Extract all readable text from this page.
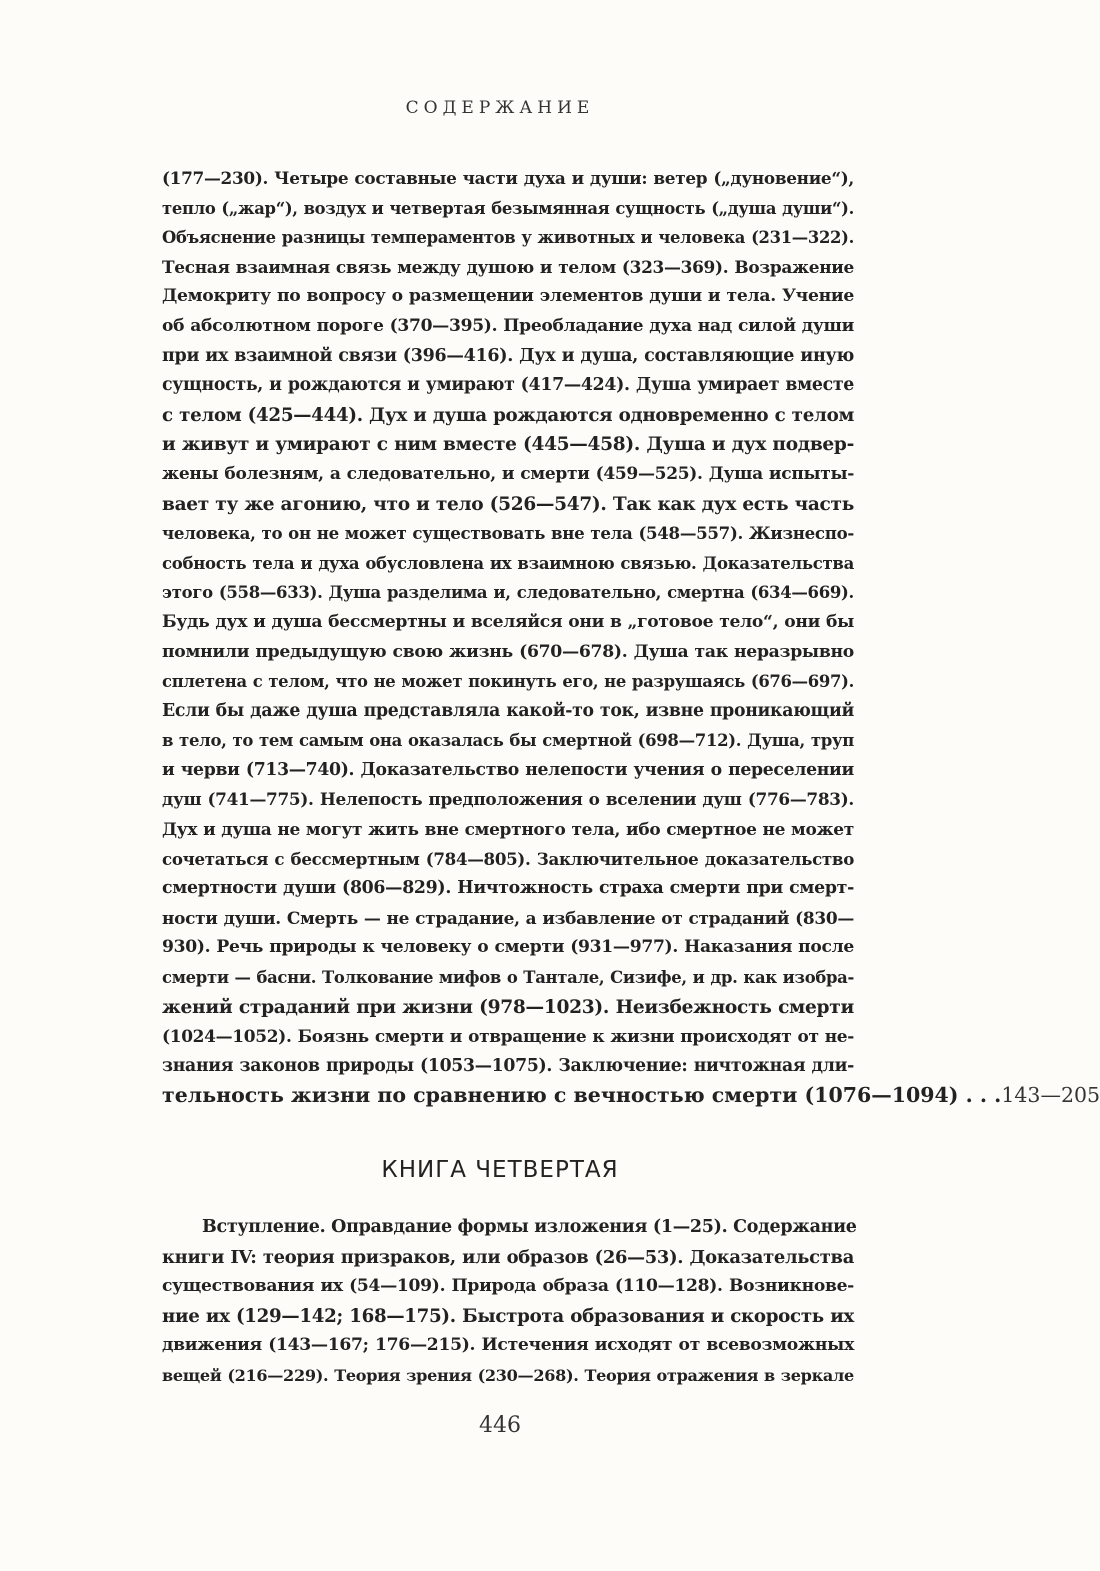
СОДЕРЖАНИЕ
(177—230). Четыре составные части духа и души: ветер („дуновение“),
тепло („жар“), воздух и четвертая безымянная сущность („душа души“).
Объяснение разницы темпераментов у животных и человека (231—322).
Тесная взаимная связь между душою и телом (323—369). Возражение
Демокриту по вопросу о размещении элементов души и тела. Учение
об абсолютном пороге (370—395). Преобладание духа над силой души
при их взаимной связи (396—416). Дух и душа, составляющие иную
сущность, и рождаются и умирают (417—424). Душа умирает вместе
с телом (425—444). Дух и душа рождаются одновременно с телом
и живут и умирают с ним вместе (445—458). Душа и дух подвер-
жены болезням, а следовательно, и смерти (459—525). Душа испыты-
вает ту же агонию, что и тело (526—547). Так как дух есть часть
человека, то он не может существовать вне тела (548—557). Жизнеспо-
собность тела и духа обусловлена их взаимною связью. Доказательства
этого (558—633). Душа разделима и, следовательно, смертна (634—669).
Будь дух и душа бессмертны и вселяйся они в „готовое тело“, они бы
помнили предыдущую свою жизнь (670—678). Душа так неразрывно
сплетена с телом, что не может покинуть его, не разрушаясь (676—697).
Если бы даже душа представляла какой-то ток, извне проникающий
в тело, то тем самым она оказалась бы смертной (698—712). Душа, труп
и черви (713—740). Доказательство нелепости учения о переселении
душ (741—775). Нелепость предположения о вселении душ (776—783).
Дух и душа не могут жить вне смертного тела, ибо смертное не может
сочетаться с бессмертным (784—805). Заключительное доказательство
смертности души (806—829). Ничтожность страха смерти при смерт-
ности души. Смерть — не страдание, а избавление от страданий (830—
930). Речь природы к человеку о смерти (931—977). Наказания после
смерти — басни. Толкование мифов о Тантале, Сизифе, и др. как изобра-
жений страданий при жизни (978—1023). Неизбежность смерти
(1024—1052). Боязнь смерти и отвращение к жизни происходят от не-
знания законов природы (1053—1075). Заключение: ничтожная дли-
тельность жизни по сравнению с вечностью смерти (1076—1094) . . . 143—205
КНИГА ЧЕТВЕРТАЯ
Вступление. Оправдание формы изложения (1—25). Содержание
книги IV: теория призраков, или образов (26—53). Доказательства
существования их (54—109). Природа образа (110—128). Возникнове-
ние их (129—142; 168—175). Быстрота образования и скорость их
движения (143—167; 176—215). Истечения исходят от всевозможных
вещей (216—229). Теория зрения (230—268). Теория отражения в зеркале
446
